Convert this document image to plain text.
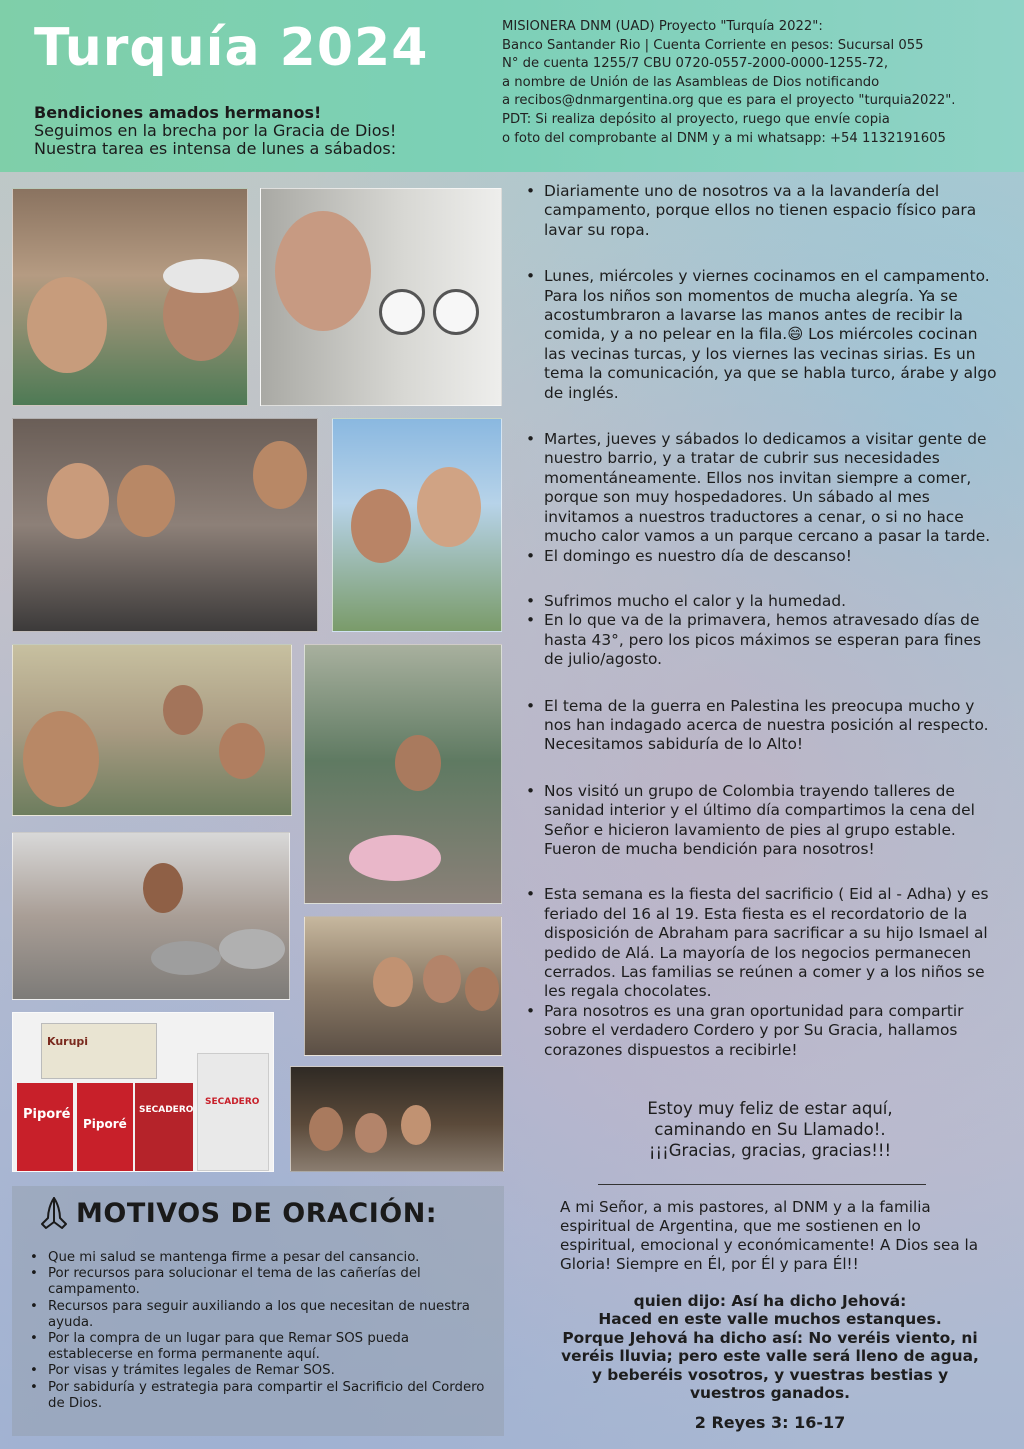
Turquía 2024
Bendiciones amados hermanos!
Seguimos en la brecha por la Gracia de Dios!
Nuestra tarea es intensa de lunes a sábados:
MISIONERA DNM (UAD) Proyecto "Turquía 2022":
Banco Santander Rio | Cuenta Corriente en pesos: Sucursal 055
N° de cuenta 1255/7 CBU 0720-0557-2000-0000-1255-72,
a nombre de Unión de las Asambleas de Dios notificando
a recibos@dnmargentina.org que es para el proyecto "turquia2022".
PDT: Si realiza depósito al proyecto, ruego que envíe copia
o foto del comprobante al DNM y a mi whatsapp: +54 1132191605
Kurupi
Piporé
Piporé
SECADERO
SECADERO
• Diariamente uno de nosotros va a la lavandería del campamento, porque ellos no tienen espacio físico para lavar su ropa.
• Lunes, miércoles y viernes cocinamos en el campamento. Para los niños son momentos de mucha alegría. Ya se acostumbraron a lavarse las manos antes de recibir la comida, y a no pelear en la fila.😄 Los miércoles cocinan las vecinas turcas, y los viernes las vecinas sirias. Es un tema la comunicación, ya que se habla turco, árabe y algo de inglés.
• Martes, jueves y sábados lo dedicamos a visitar gente de nuestro barrio, y a tratar de cubrir sus necesidades momentáneamente. Ellos nos invitan siempre a comer, porque son muy hospedadores. Un sábado al mes invitamos a nuestros traductores a cenar, o si no hace mucho calor vamos a un parque cercano a pasar la tarde.
• El domingo es nuestro día de descanso!
• Sufrimos mucho el calor y la humedad.
• En lo que va de la primavera, hemos atravesado días de hasta 43°, pero los picos máximos se esperan para fines de julio/agosto.
• El tema de la guerra en Palestina les preocupa mucho y nos han indagado acerca de nuestra posición al respecto. Necesitamos sabiduría de lo Alto!
• Nos visitó un grupo de Colombia trayendo talleres de sanidad interior y el último día compartimos la cena del Señor e hicieron lavamiento de pies al grupo estable. Fueron de mucha bendición para nosotros!
• Esta semana es la fiesta del sacrificio ( Eid al - Adha) y es feriado del 16 al 19. Esta fiesta es el recordatorio de la disposición de Abraham para sacrificar a su hijo Ismael al pedido de Alá. La mayoría de los negocios permanecen cerrados. Las familias se reúnen a comer y a los niños se les regala chocolates.
• Para nosotros es una gran oportunidad para compartir sobre el verdadero Cordero y por Su Gracia, hallamos corazones dispuestos a recibirle!
Estoy muy feliz de estar aquí,
caminando en Su Llamado!.
¡¡¡Gracias, gracias, gracias!!!
A mi Señor, a mis pastores, al DNM y a la familia espiritual de Argentina, que me sostienen en lo espiritual, emocional y económicamente! A Dios sea la Gloria! Siempre en Él, por Él y para Él!!
quien dijo: Así ha dicho Jehová:
Haced en este valle muchos estanques.
Porque Jehová ha dicho así: No veréis viento, ni veréis lluvia; pero este valle será lleno de agua, y beberéis vosotros, y vuestras bestias y vuestros ganados.
2 Reyes 3: 16-17
MOTIVOS DE ORACIÓN:
• Que mi salud se mantenga firme a pesar del cansancio.
• Por recursos para solucionar el tema de las cañerías del campamento.
• Recursos para seguir auxiliando a los que necesitan de nuestra ayuda.
• Por la compra de un lugar para que Remar SOS pueda establecerse en forma permanente aquí.
• Por visas y trámites legales de Remar SOS.
• Por sabiduría y estrategia para compartir el Sacrificio del Cordero de Dios.
